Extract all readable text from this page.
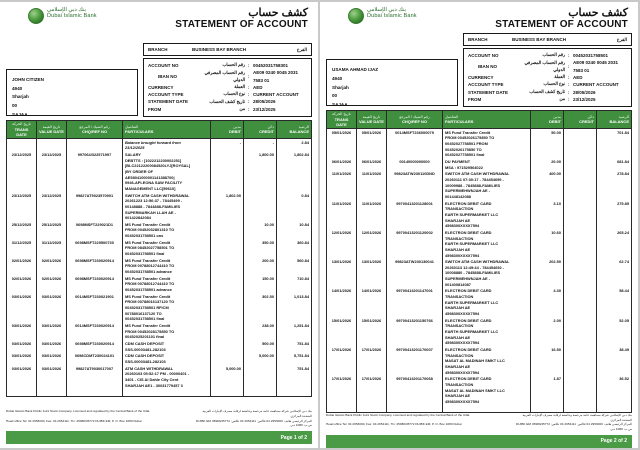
بنك دبي الإسلامي
Dubai Islamic Bank	كشف حساب
STATEMENT OF ACCOUNT
JOHN CITIZEN
4940
Sharjah
00
SAJAA
BRANCH	BUSINESS BAY BRANCH	الفرع
ACCOUNT NO	رقم الحساب : 00452031758301
IBAN NO
رقم الحساب المصرفي الدولي
:
AE09 0240 0045 2031 7583 01
CURRENCY	العملة : AED
ACCOUNT TYPE	نوع الحساب : CURRENT ACCOUNT
STATEMENT DATE	تاريخ كشف الحساب : 28/05/2026
FROM	من : 23/12/2025
تاريخ الحركة
TRANS DATE	تاريخ القيمة
VALUE DATE	رقم الشيك / المرجع
CHQ/REF NO	التفاصيل
PARTICULARS	مدين
DEBIT	دائن
CREDIT	الرصيد
BALANCE

			Balance brought forward from
23/12/2025	-	-	2.84
23/12/2025	23/12/2025	997064/322571997	SALARY
DEBTTS : [1022212230002251]
[BLC22122200084520LYJ[ROYSAL]
|BY ORDER OF
AE58041000001141388700|
0946-APLEONA SAW FACILITY
MANAGEMENT LLC[59610]
		1,800.00	1,802.84
23/12/2025	23/12/2025	99827AT9023570901	SWITCH ATM CASH WITHDRAWAL
20261223 12:56:37 - 78445499 -
00148888 - 7844888-FAMILIES
SUPERMARKAH LLAH AE -
001422842084	1,802.00		0.84
25/12/2025	25/12/2025	0698MSFT229021D1	MS Fund Transfer Credit
FROM 00452032801310 TO
00452031758501 ons		10.00	10.84
31/12/2025	31/12/2025	0698MSFT229500730	MS Fund Transfer Credit
FROM 08452027758501 TO
00452031758501 final		350.00	360.84
02/01/2026	02/01/2026	0698MSFT230020914	MS Fund Transfer Credit
FROM 00788012744410 TO
00452031758501 advance		200.00	560.84
02/01/2026	02/01/2026	0698MSFT230020914	MS Fund Transfer Credit
FROM 00788012744410 TO
00452031758501 advance		150.00	710.84
03/01/2026	03/01/2026	0014MSFT230021901	MS Fund Transfer Credit
FROM 00788016137120 TO
00452031758501 RFICM
00788016137120 TO
00452031758501 final		302.50	1,013.84
03/01/2026	03/01/2026	0014MSFT230020914	MS Fund Transfer Credit
FROM 00452028175850 TO
00452025201101 final		238.00	1,251.84
03/01/2026	03/01/2026	0698MSFT230020914	CDM CASH DEPOSIT
SSS-00003481-282103		500.00	751.84
03/01/2026	03/01/2026	0698CDMT230024101	CDM CASH DEPOSIT
SSS-00003481-282103		5,000.00	5,751.84
03/01/2026	03/01/2026	99827AT9030017007	ATM CASH WITHDRAWAL
20260103 05:52:17 PM - 00000401 -
3401 - CIS Al Dahle City Cent
SHARJAH AE1 - 30031779457 3	5,000.00		751.84

Dubai Islamic Bank Public Joint Stock Company. Licensed and regulated by the Central Bank of the UAE.	بنك دبي الإسلامي شركة مساهمة عامة مرخصة وخاضعة لرقابة مصرف الإمارات العربية المتحدة المركزي
Head office Tel: 04 2953000, Fax: 04 2954111, Tlx: 45980/45772 DUIBK EM, P. O. Box 1080 Dubai	المركز الرئيسي هاتف: 2953000 04 فاكس: 2954111 04 تلكس: 45980/45772 DUIBK EM ص.ب: 1080 دبي
Page 1 of 2
بنك دبي الإسلامي
Dubai Islamic Bank	كشف حساب
STATEMENT OF ACCOUNT
USAMA AHMAD IJAZ
4940
Sharjah
00
SAJAA
BRANCH	BUSINESS BAY BRANCH	الفرع
ACCOUNT NO	رقم الحساب : 00452031758501
IBAN NO
رقم الحساب المصرفي الدولي
:
AE09 0240 0045 2031 7583 01
CURRENCY	العملة : AED
ACCOUNT TYPE	نوع الحساب : CURRENT ACCOUNT
STATEMENT DATE	تاريخ كشف الحساب : 28/05/2026
FROM	من : 23/12/2025
تاريخ الحركة
TRANS DATE	تاريخ القيمة
VALUE DATE	رقم الشيك / المرجع
CHQ/REF NO	التفاصيل
PARTICULARS	مدين
DEBIT	دائن
CREDIT	الرصيد
BALANCE
05/01/2026	05/01/2026	0014MSFT236000079	MS Fund Transfer Credit
FROM 00452026175850 TO
00452027758501 FROM
00452026175850 TO
00452027758501 final	50.00		701.84
06/01/2026	06/01/2026	00140000000000	DU PAYMENT
MSA : 971529564022	20.00		681.84
11/01/2026	11/01/2026	99823ATW230110DND	SWITCH ATM CASH WITHDRAWAL
20260111 07:30:17 - 784454699 -
10009988 - 7845888-FAMILIES
SUPERMEHWNJAH AE -
001448142088	400.00		278.84
11/01/2026	11/01/2026	99700413201128001	ELECTRON DEBIT CARD
TRANSACTION
EARTH SUPERMARKET LLC
SHARJAH AE
4598300XXXX7594	3.10		275.85
12/01/2026	12/01/2026	99700413201120002	ELECTRON DEBIT CARD
TRANSACTION
EARTH SUPERMARKET LLC
SHARJAH AE
4598300XXXX7594	10.60		265.24
13/01/2026	13/01/2026	99823ATW230130041	SWITCH ATM CASH WITHDRAWAL
20260113 12:49:44 - 784454692 -
10008880 - 7845888-FAMILIES
SUPERMEHWNJAH AE -
001400814087	202.50		62.74
14/01/2026	14/01/2026	99700413201147001	ELECTRON DEBIT CARD
TRANSACTION
EARTH SUPERMARKET LLC
SHARJAH AE
4598300XXXX7594	4.30		58.44
15/01/2026	15/01/2026	99700413201150766	ELECTRON DEBIT CARD
TRANSACTION
EARTH SUPERMARKET LLC
SHARJAH AE
4598300XXXX7594	2.00		52.05
17/01/2026	17/01/2026	99700413201170007	ELECTRON DEBIT CARD
TRANSACTION
MASAT AL MADINAH SMKT LLC
SHARJAH AE
4598300XXXX7594	16.50		38.49
17/01/2026	17/01/2026	99700413201170068	ELECTRON DEBIT CARD
TRANSACTION
MASAT AL MADINAH SMKT LLC
SHARJAH AE
4598300XXXX7594	1.87		36.52

Dubai Islamic Bank Public Joint Stock Company. Licensed and regulated by the Central Bank of the UAE.	بنك دبي الإسلامي شركة مساهمة عامة مرخصة وخاضعة لرقابة مصرف الإمارات العربية المتحدة المركزي
Head office Tel: 04 2953000, Fax: 04 2954111, Tlx: 45980/45772 DUIBK EM, P. O. Box 1080 Dubai	المركز الرئيسي هاتف: 2953000 04 فاكس: 2954111 04 تلكس: 45980/45772 DUIBK EM ص.ب: 1080 دبي
Page 2 of 2
